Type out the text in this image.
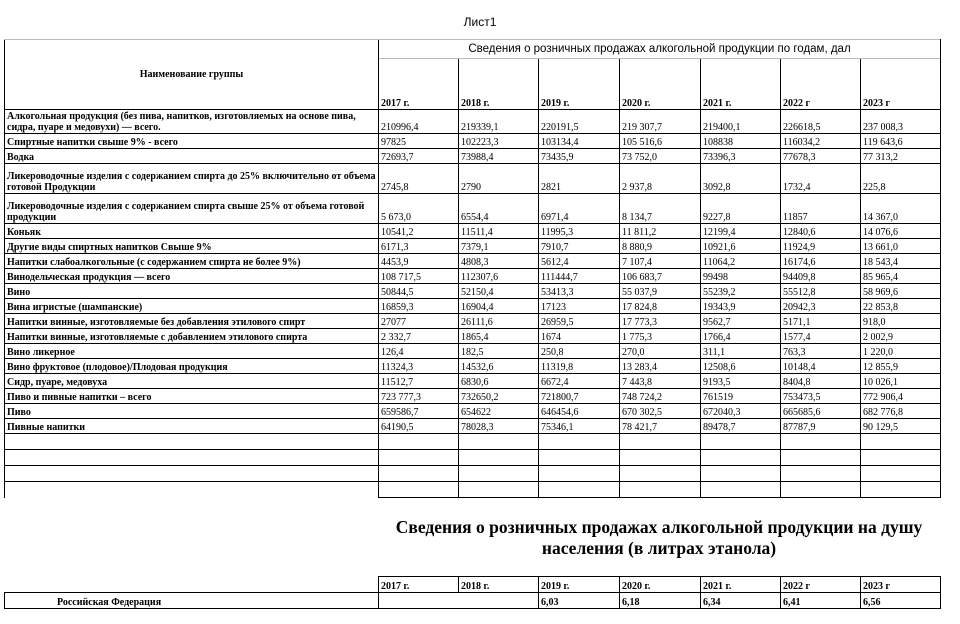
Лист1
Наименование группы	Сведения о розничных продажах алкогольной продукции по годам, дал						
	2017 г.	2018 г.	2019 г.	2020 г.	2021 г.	2022 г	2023 г
Алкогольная продукция (без пива, напитков, изготовляемых на основе пива, сидра, пуаре и медовухи) — всего.	210996,4	219339,1	220191,5	219 307,7	219400,1	226618,5	237 008,3
Спиртные напитки свыше 9% - всего	97825	102223,3	103134,4	105 516,6	108838	116034,2	119 643,6
Водка	72693,7	73988,4	73435,9	73 752,0	73396,3	77678,3	77 313,2
Ликероводочные изделия с содержанием спирта до 25% включительно от объема готовой Продукции	2745,8	2790	2821	2 937,8	3092,8	1732,4	225,8
Ликероводочные изделия с содержанием спирта свыше 25% от объема готовой продукции	5 673,0	6554,4	6971,4	8 134,7	9227,8	11857	14 367,0
Коньяк	10541,2	11511,4	11995,3	11 811,2	12199,4	12840,6	14 076,6
Другие виды спиртных напитков Свыше 9%	6171,3	7379,1	7910,7	8 880,9	10921,6	11924,9	13 661,0
Напитки слабоалкогольные (с содержанием спирта не более 9%)	4453,9	4808,3	5612,4	7 107,4	11064,2	16174,6	18 543,4
Винодельческая продукция — всего	108 717,5	112307,6	111444,7	106 683,7	99498	94409,8	85 965,4
Вино	50844,5	52150,4	53413,3	55 037,9	55239,2	55512,8	58 969,6
Вина игристые (шампанские)	16859,3	16904,4	17123	17 824,8	19343,9	20942,3	22 853,8
Напитки винные, изготовляемые без добавления этилового спирт	27077	26111,6	26959,5	17 773,3	9562,7	5171,1	918,0
Напитки винные, изготовляемые с добавлением этилового спирта	2 332,7	1865,4	1674	1 775,3	1766,4	1577,4	2 002,9
Вино ликерное	126,4	182,5	250,8	270,0	311,1	763,3	1 220,0
Вино фруктовое (плодовое)/Плодовая продукция	11324,3	14532,6	11319,8	13 283,4	12508,6	10148,4	12 855,9
Сидр, пуаре, медовуха	11512,7	6830,6	6672,4	7 443,8	9193,5	8404,8	10 026,1
Пиво и пивные напитки – всего	723 777,3	732650,2	721800,7	748 724,2	761519	753473,5	772 906,4
Пиво	659586,7	654622	646454,6	670 302,5	672040,3	665685,6	682 776,8
Пивные напитки	64190,5	78028,3	75346,1	78 421,7	89478,7	87787,9	90 129,5

Сведения о розничных продажах алкогольной продукции на душу населения (в литрах этанола)
	2017 г.	2018 г.	2019 г.	2020 г.	2021 г.	2022 г	2023 г
Российская Федерация			6,03	6,18	6,34	6,41	6,56
